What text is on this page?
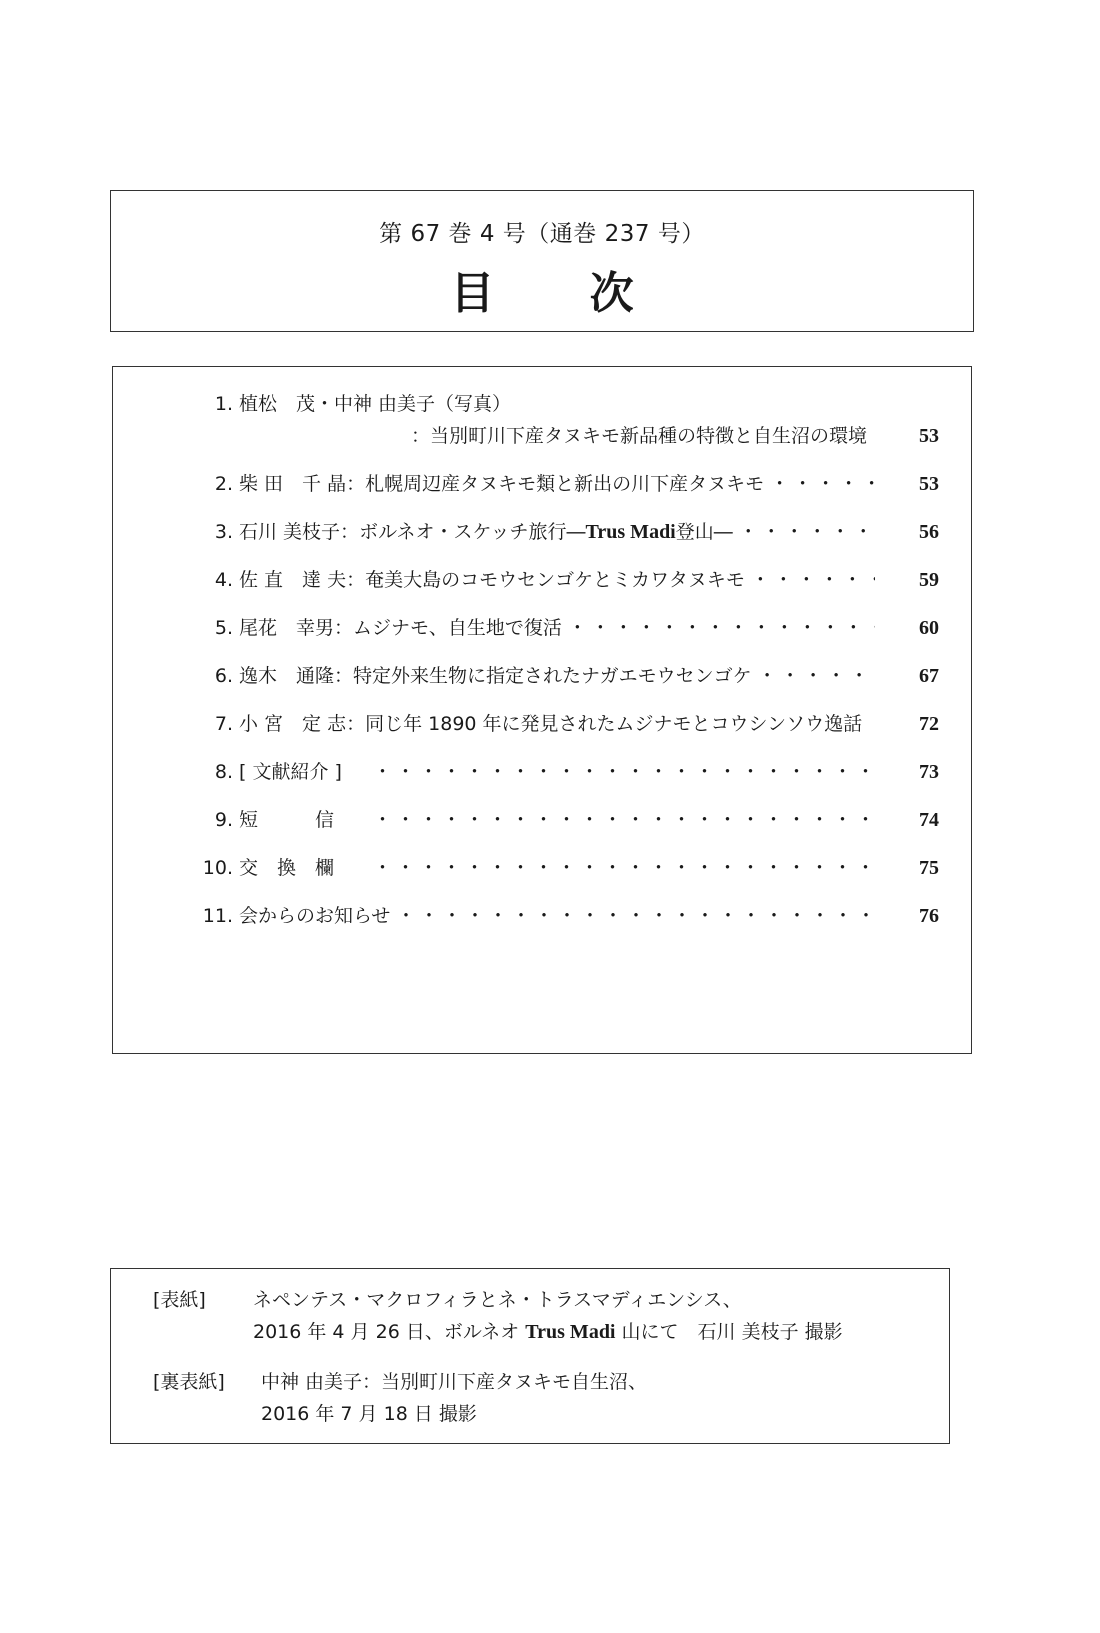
第 67 巻 4 号（通巻 237 号）
目 次
1. 植松　茂・中神 由美子（写真）
：当別町川下産タヌキモ新品種の特徴と自生沼の環境 ・・・・・・・・・・・・・・・・・・・・・・・・・・・・・・・・・・・・・・・・・・・・・・・・・・・・・・・・・・・・・・・・・・・・・・・	53
2. 柴 田　千 晶 ： 札幌周辺産タヌキモ類と新出の川下産タヌキモ ・・・・・・・・・・・・・・・・・・・・・・・・・・・・・・・・・・・・・・・・・・・・・・・・・・・・・・・・・・・・・・・・・・・・・・・	53
3. 石川 美枝子 ： ボルネオ・スケッチ旅行― Trus Madi 登山― ・・・・・・・・・・・・・・・・・・・・・・・・・・・・・・・・・・・・・・・・・・・・・・・・・・・・・・・・・・・・・・・・・・・・・・・	56
4. 佐 直　達 夫 ： 奄美大島のコモウセンゴケとミカワタヌキモ ・・・・・・・・・・・・・・・・・・・・・・・・・・・・・・・・・・・・・・・・・・・・・・・・・・・・・・・・・・・・・・・・・・・・・・・	59
5. 尾花　幸男 ： ムジナモ、自生地で復活 ・・・・・・・・・・・・・・・・・・・・・・・・・・・・・・・・・・・・・・・・・・・・・・・・・・・・・・・・・・・・・・・・・・・・・・・	60
6. 逸木　通隆 ： 特定外来生物に指定されたナガエモウセンゴケ ・・・・・・・・・・・・・・・・・・・・・・・・・・・・・・・・・・・・・・・・・・・・・・・・・・・・・・・・・・・・・・・・・・・・・・・	67
7. 小 宮　定 志 ： 同じ年 1890 年に発見されたムジナモとコウシンソウ逸話 ・・・・・・・・・・・・・・・・・・・・・・・・・・・・・・・・・・・・・・・・・・・・・・・・・・・・・・・・・・・・・・・・・・・・・・・	72
8. [ 文献紹介 ] ・・・・・・・・・・・・・・・・・・・・・・・・・・・・・・・・・・・・・・・・・・・・・・・・・・・・・・・・・・・・・・・・・・・・・・・	73
9. 短　　　信 ・・・・・・・・・・・・・・・・・・・・・・・・・・・・・・・・・・・・・・・・・・・・・・・・・・・・・・・・・・・・・・・・・・・・・・・	74
10. 交　換　欄 ・・・・・・・・・・・・・・・・・・・・・・・・・・・・・・・・・・・・・・・・・・・・・・・・・・・・・・・・・・・・・・・・・・・・・・・	75
11. 会からのお知らせ ・・・・・・・・・・・・・・・・・・・・・・・・・・・・・・・・・・・・・・・・・・・・・・・・・・・・・・・・・・・・・・・・・・・・・・・	76
[表紙]	ネペンテス・マクロフィラとネ・トラスマディエンシス、
2016 年 4 月 26 日、ボルネオ Trus Madi 山にて　石川 美枝子 撮影
[裏表紙]	中神 由美子：当別町川下産タヌキモ自生沼、
2016 年 7 月 18 日 撮影
